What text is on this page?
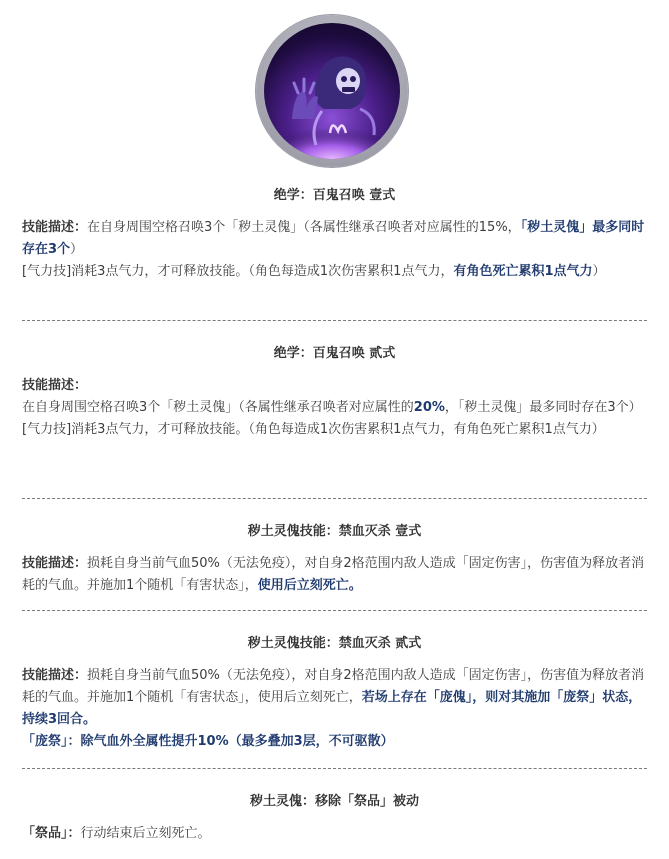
绝学：百鬼召唤 壹式

技能描述：在自身周围空格召唤3个「秽土灵傀」（各属性继承召唤者对应属性的15%，「秽土灵傀」最多同时存在3个）

[气力技]消耗3点气力，才可释放技能。（角色每造成1次伤害累积1点气力，有角色死亡累积1点气力）

绝学：百鬼召唤 贰式

技能描述：

在自身周围空格召唤3个「秽土灵傀」（各属性继承召唤者对应属性的20%，「秽土灵傀」最多同时存在3个）

[气力技]消耗3点气力，才可释放技能。（角色每造成1次伤害累积1点气力，有角色死亡累积1点气力）

秽土灵傀技能：禁血灭杀 壹式

技能描述：损耗自身当前气血50%（无法免疫），对自身2格范围内敌人造成「固定伤害」，伤害值为释放者消耗的气血。并施加1个随机「有害状态」，使用后立刻死亡。

秽土灵傀技能：禁血灭杀 贰式

技能描述：损耗自身当前气血50%（无法免疫），对自身2格范围内敌人造成「固定伤害」，伤害值为释放者消耗的气血。并施加1个随机「有害状态」，使用后立刻死亡，若场上存在「庞傀」，则对其施加「庞祭」状态，持续3回合。

「庞祭」：除气血外全属性提升10%（最多叠加3层，不可驱散）

秽土灵傀：移除「祭品」被动

「祭品」：行动结束后立刻死亡。
